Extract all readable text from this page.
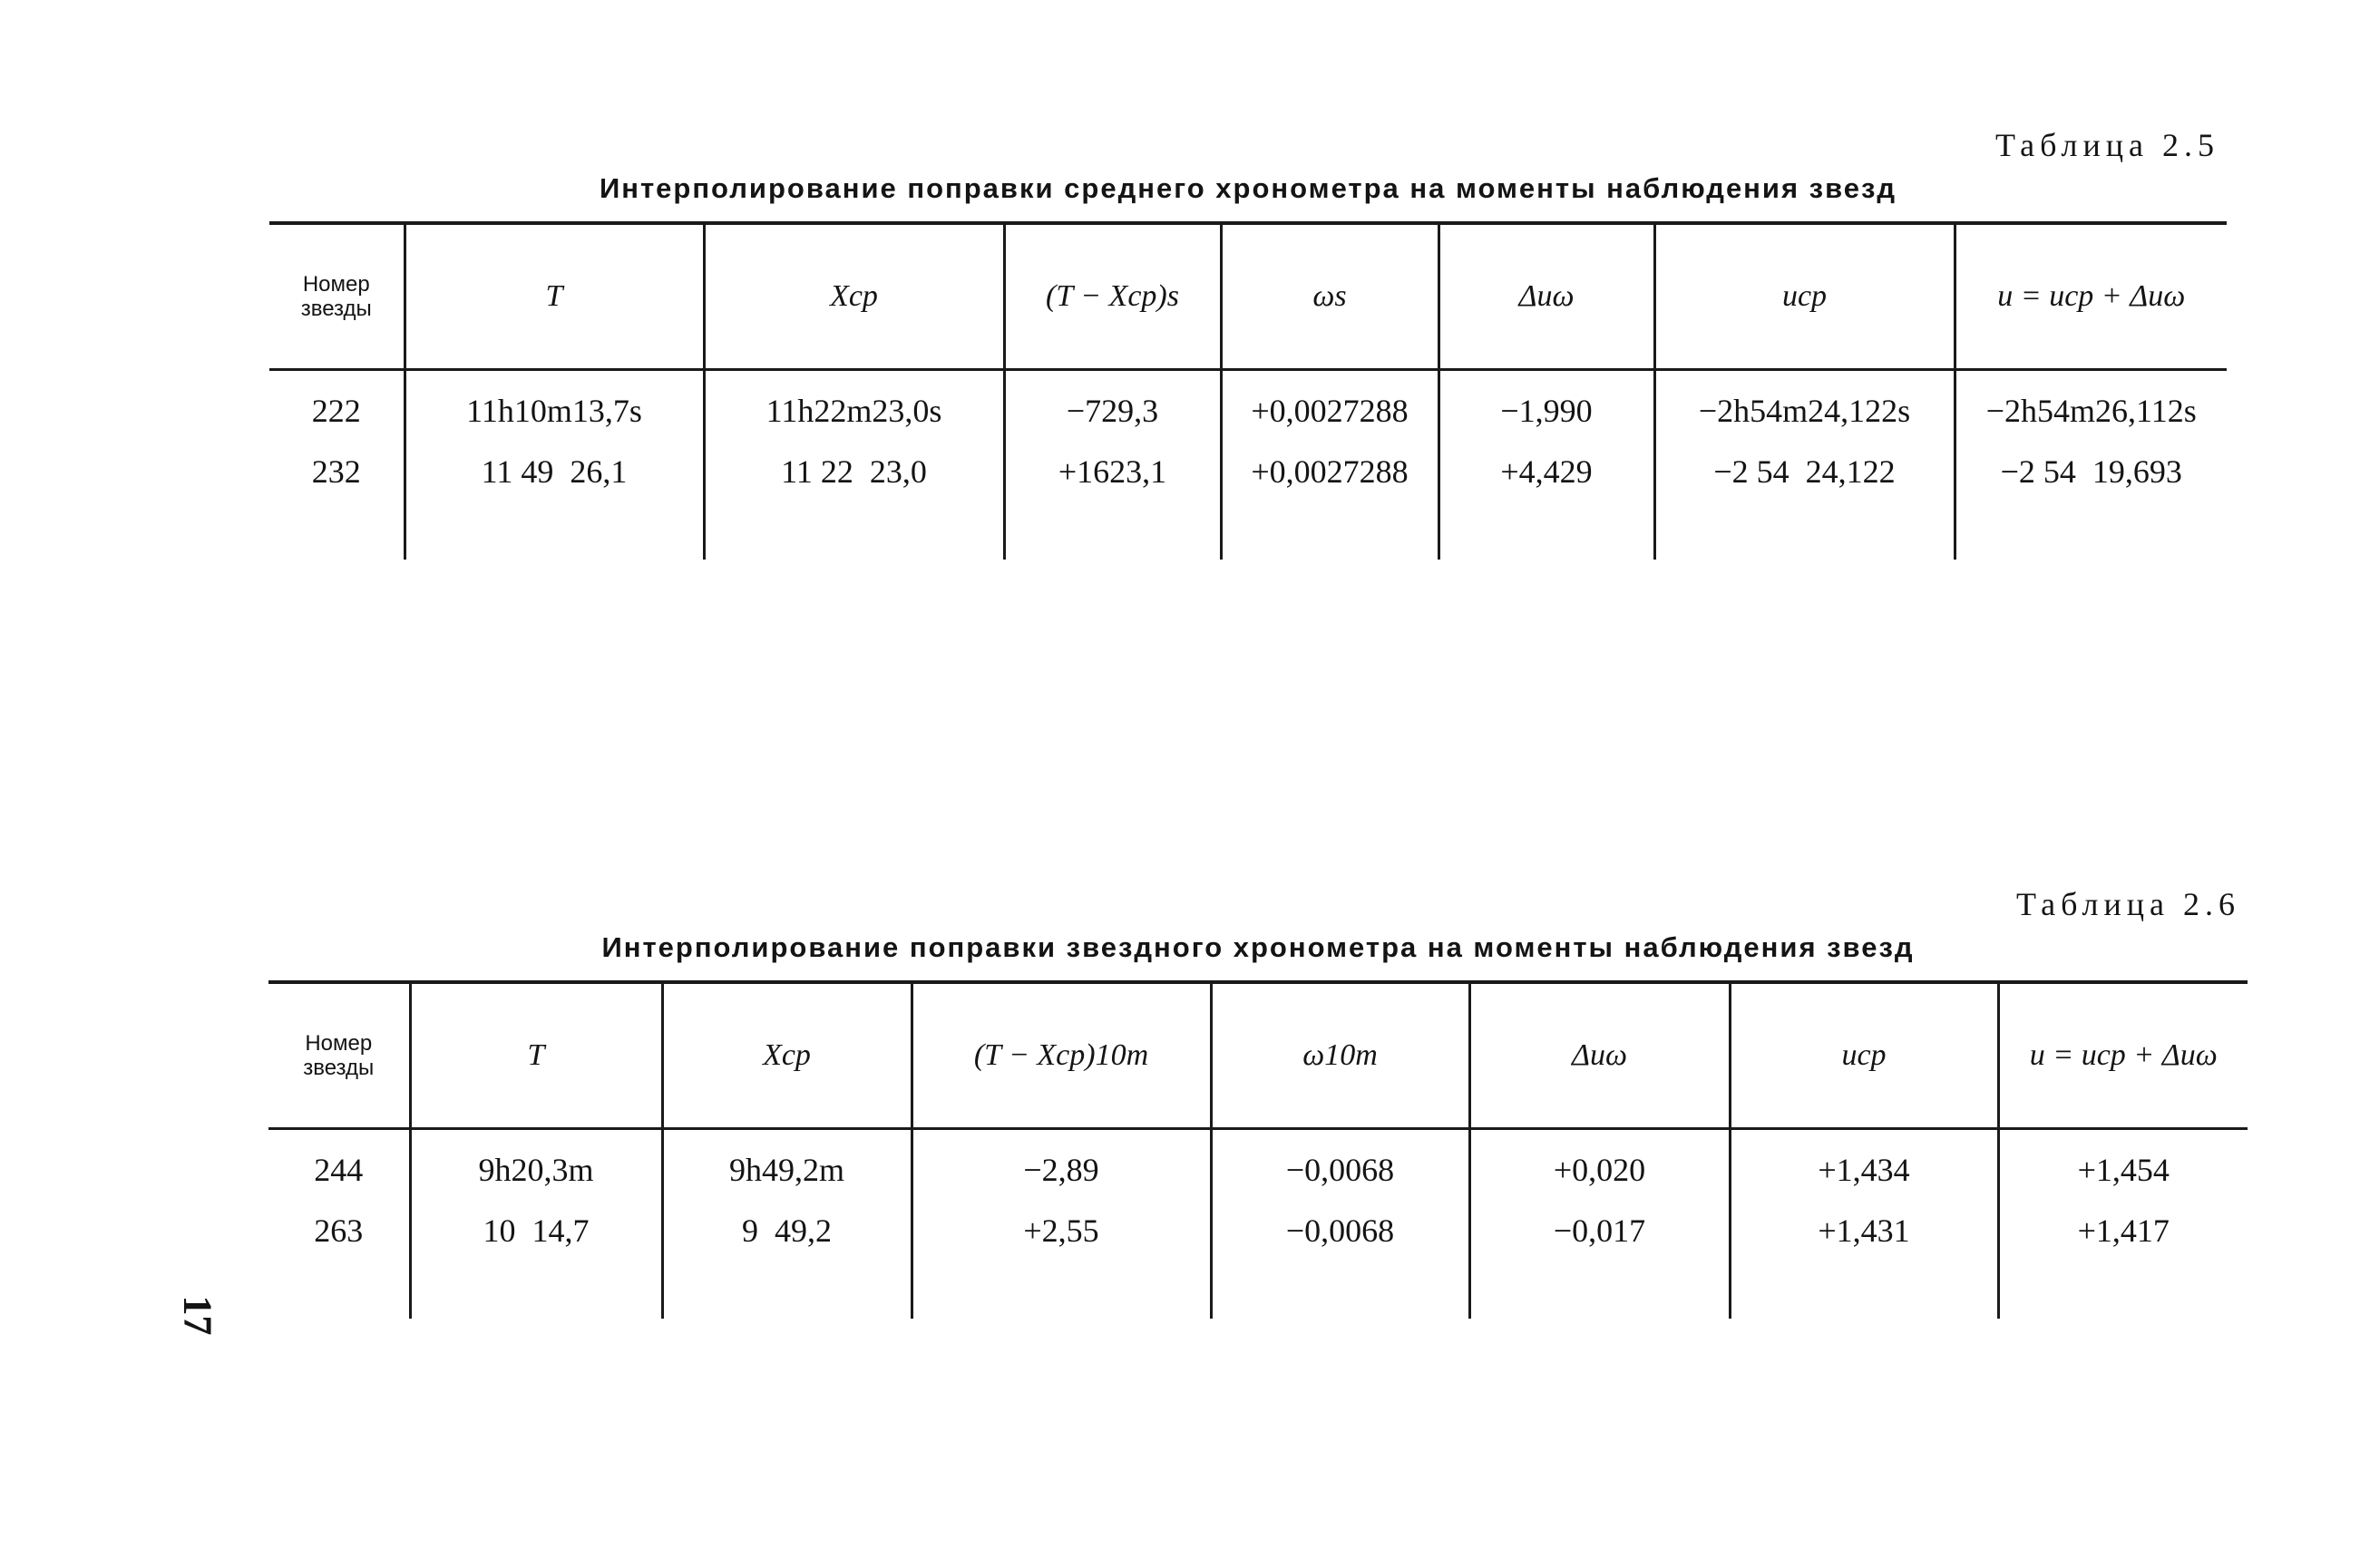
Таблица 2.5

Интерполирование поправки среднего хронометра на моменты наблюдения звезд

Номер звезды	T	Xср	(T − Xср)s	ωs	Δuω	uср	u = uср + Δuω
222	11h10m13,7s	11h22m23,0s	−729,3	+0,0027288	−1,990	−2h54m24,122s	−2h54m26,112s
232	11 49  26,1	11 22  23,0	+1623,1	+0,0027288	+4,429	−2 54  24,122	−2 54  19,693

Таблица 2.6

Интерполирование поправки звездного хронометра на моменты наблюдения звезд

Номер звезды	T	Xср	(T − Xср)10m	ω10m	Δuω	uср	u = uср + Δuω
244	9h20,3m	9h49,2m	−2,89	−0,0068	+0,020	+1,434	+1,454
263	10  14,7	9  49,2	+2,55	−0,0068	−0,017	+1,431	+1,417
17
